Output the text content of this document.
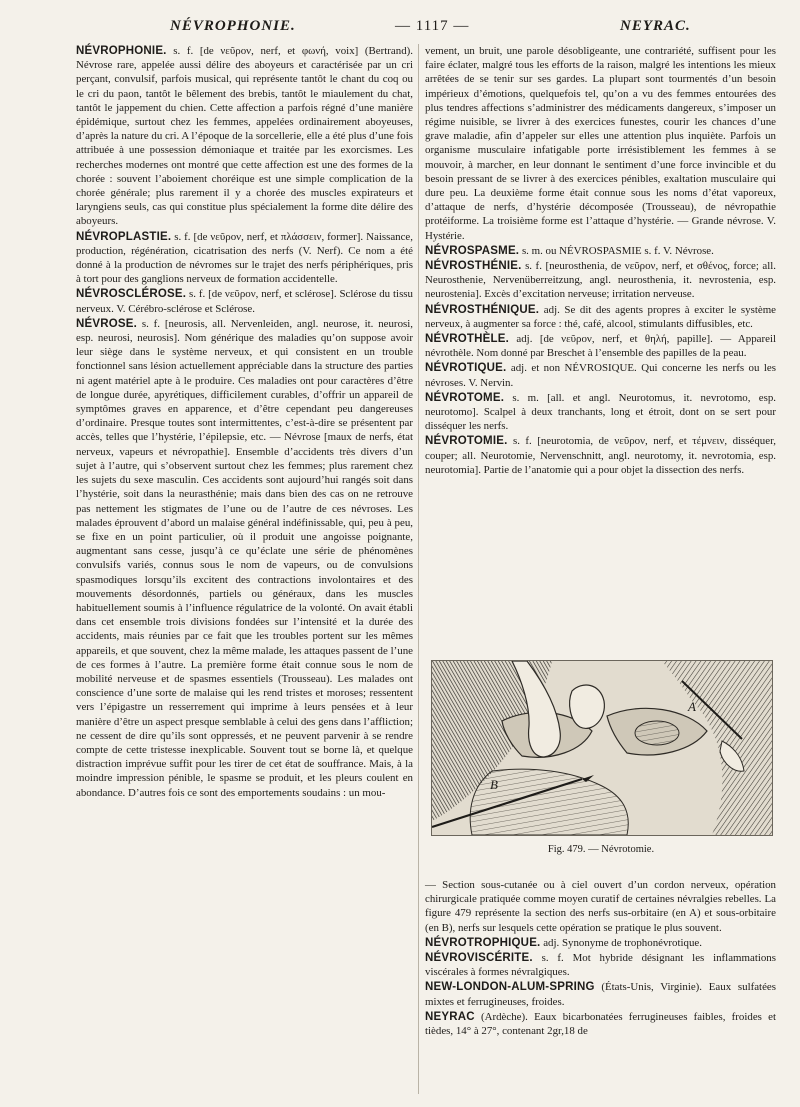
NÉVROPHONIE.	— 1117 —	NEYRAC.

NÉVROPHONIE. s. f. [de νεῦρον, nerf, et φωνή, voix] (Bertrand). Névrose rare, appelée aussi délire des aboyeurs et caractérisée par un cri perçant, convulsif, parfois musical, qui représente tantôt le chant du coq ou le cri du paon, tantôt le bêlement des brebis, tantôt le miaulement du chat, tantôt le jappement du chien. Cette affection a parfois régné d’une manière épidémique, surtout chez les femmes, appelées ordinairement aboyeuses, d’après la nature du cri. A l’époque de la sorcellerie, elle a été plus d’une fois attribuée à une possession démoniaque et traitée par les exorcismes. Les recherches modernes ont montré que cette affection est une des formes de la chorée : souvent l’aboiement choréique est une simple complication de la chorée générale; plus rarement il y a chorée des muscles expirateurs et laryngiens seuls, cas qui constitue plus spécialement la forme dite délire des aboyeurs.

NÉVROPLASTIE. s. f. [de νεῦρον, nerf, et πλάσσειν, former]. Naissance, production, régénération, cicatrisation des nerfs (V. Nerf). Ce nom a été donné à la production de névromes sur le trajet des nerfs périphériques, pris à tort pour des ganglions nerveux de formation accidentelle.

NÉVROSCLÉROSE. s. f. [de νεῦρον, nerf, et sclérose]. Sclérose du tissu nerveux. V. Cérébro-sclérose et Sclérose.

NÉVROSE. s. f. [neurosis, all. Nervenleiden, angl. neurose, it. neurosi, esp. neurosi, neurosis]. Nom générique des maladies qu’on suppose avoir leur siège dans le système nerveux, et qui consistent en un trouble fonctionnel sans lésion actuellement appréciable dans la structure des parties ni agent matériel apte à le produire. Ces maladies ont pour caractères d’être de longue durée, apyrétiques, difficilement curables, d’offrir un appareil de symptômes graves en apparence, et d’être cependant peu dangereuses d’ordinaire. Presque toutes sont intermittentes, c’est-à-dire se présentent par accès, telles que l’hystérie, l’épilepsie, etc. — Névrose [maux de nerfs, état nerveux, vapeurs et névropathie]. Ensemble d’accidents très divers d’un sujet à l’autre, qui s’observent surtout chez les femmes; plus rarement chez les sujets du sexe masculin. Ces accidents sont aujourd’hui rangés soit dans l’hystérie, soit dans la neurasthénie; mais dans bien des cas on ne retrouve pas nettement les stigmates de l’une ou de l’autre de ces névroses. Les malades éprouvent d’abord un malaise général indéfinissable, qui, peu à peu, se fixe en un point particulier, où il produit une angoisse poignante, augmentant sans cesse, jusqu’à ce qu’éclate une série de phénomènes convulsifs variés, connus sous le nom de vapeurs, ou de convulsions spasmodiques lorsqu’ils excitent des contractions involontaires et des mouvements désordonnés, partiels ou généraux, dans les muscles habituellement soumis à l’influence régulatrice de la volonté. On avait établi dans cet ensemble trois divisions fondées sur l’intensité et la durée des accidents, mais réunies par ce fait que les troubles portent sur les mêmes appareils, et que souvent, chez la même malade, les attaques passent de l’une de ces formes à l’autre. La première forme était connue sous le nom de mobilité nerveuse et de spasmes essentiels (Trousseau). Les malades ont conscience d’une sorte de malaise qui les rend tristes et moroses; ressentent vers l’épigastre un resserrement qui imprime à leurs pensées et à leur manière d’être un aspect presque semblable à celui des gens dans l’affliction; ne cessent de dire qu’ils sont oppressés, et ne peuvent parvenir à se rendre compte de cette tristesse inexplicable. Souvent tout se borne là, et quelque distraction imprévue suffit pour les tirer de cet état de souffrance. Mais, à la moindre impression pénible, le spasme se produit, et les pleurs coulent en abondance. D’autres fois ce sont des emportements soudains : un mou-

vement, un bruit, une parole désobligeante, une contrariété, suffisent pour les faire éclater, malgré tous les efforts de la raison, malgré les intentions les mieux arrêtées de se tenir sur ses gardes. La plupart sont tourmentés d’un besoin impérieux d’émotions, quelquefois tel, qu’on a vu des femmes entourées des plus tendres affections s’administrer des médicaments dangereux, s’imposer un régime nuisible, se livrer à des exercices funestes, courir les chances d’une grave maladie, afin d’appeler sur elles une attention plus inquiète. Parfois un organisme musculaire infatigable porte irrésistiblement les femmes à se mouvoir, à marcher, en leur donnant le sentiment d’une force invincible et du besoin pressant de se livrer à des exercices pénibles, exaltation musculaire qui dure peu. La deuxième forme était connue sous les noms d’état vaporeux, d’attaque de nerfs, d’hystérie décomposée (Trousseau), de névropathie protéiforme. La troisième forme est l’attaque d’hystérie. — Grande névrose. V. Hystérie.

NÉVROSPASME. s. m. ou NÉVROSPASMIE s. f. V. Névrose.

NÉVROSTHÉNIE. s. f. [neurosthenia, de νεῦρον, nerf, et σθένος, force; all. Neurosthenie, Nervenüberreitzung, angl. neurosthenia, it. nevrostenia, esp. neurostenia]. Excès d’excitation nerveuse; irritation nerveuse.

NÉVROSTHÉNIQUE. adj. Se dit des agents propres à exciter le système nerveux, à augmenter sa force : thé, café, alcool, stimulants diffusibles, etc.

NÉVROTHÈLE. adj. [de νεῦρον, nerf, et θηλή, papille]. — Appareil névrothèle. Nom donné par Breschet à l’ensemble des papilles de la peau.

NÉVROTIQUE. adj. et non NÉVROSIQUE. Qui concerne les nerfs ou les névroses. V. Nervin.

NÉVROTOME. s. m. [all. et angl. Neurotomus, it. nevrotomo, esp. neurotomo]. Scalpel à deux tranchants, long et étroit, dont on se sert pour disséquer les nerfs.

NÉVROTOMIE. s. f. [neurotomia, de νεῦρον, nerf, et τέμνειν, disséquer, couper; all. Neurotomie, Nervenschnitt, angl. neurotomy, it. nevrotomia, esp. neurotomia]. Partie de l’anatomie qui a pour objet la dissection des nerfs.

A
B
Fig. 479. — Névrotomie.

— Section sous-cutanée ou à ciel ouvert d’un cordon nerveux, opération chirurgicale pratiquée comme moyen curatif de certaines névralgies rebelles. La figure 479 représente la section des nerfs sus-orbitaire (en A) et sous-orbitaire (en B), nerfs sur lesquels cette opération se pratique le plus souvent.

NÉVROTROPHIQUE. adj. Synonyme de trophonévrotique.

NÉVROVISCÉRITE. s. f. Mot hybride désignant les inflammations viscérales à formes névralgiques.

NEW-LONDON-ALUM-SPRING (États-Unis, Virginie). Eaux sulfatées mixtes et ferrugineuses, froides.

NEYRAC (Ardèche). Eaux bicarbonatées ferrugineuses faibles, froides et tièdes, 14° à 27°, contenant 2gr,18 de
